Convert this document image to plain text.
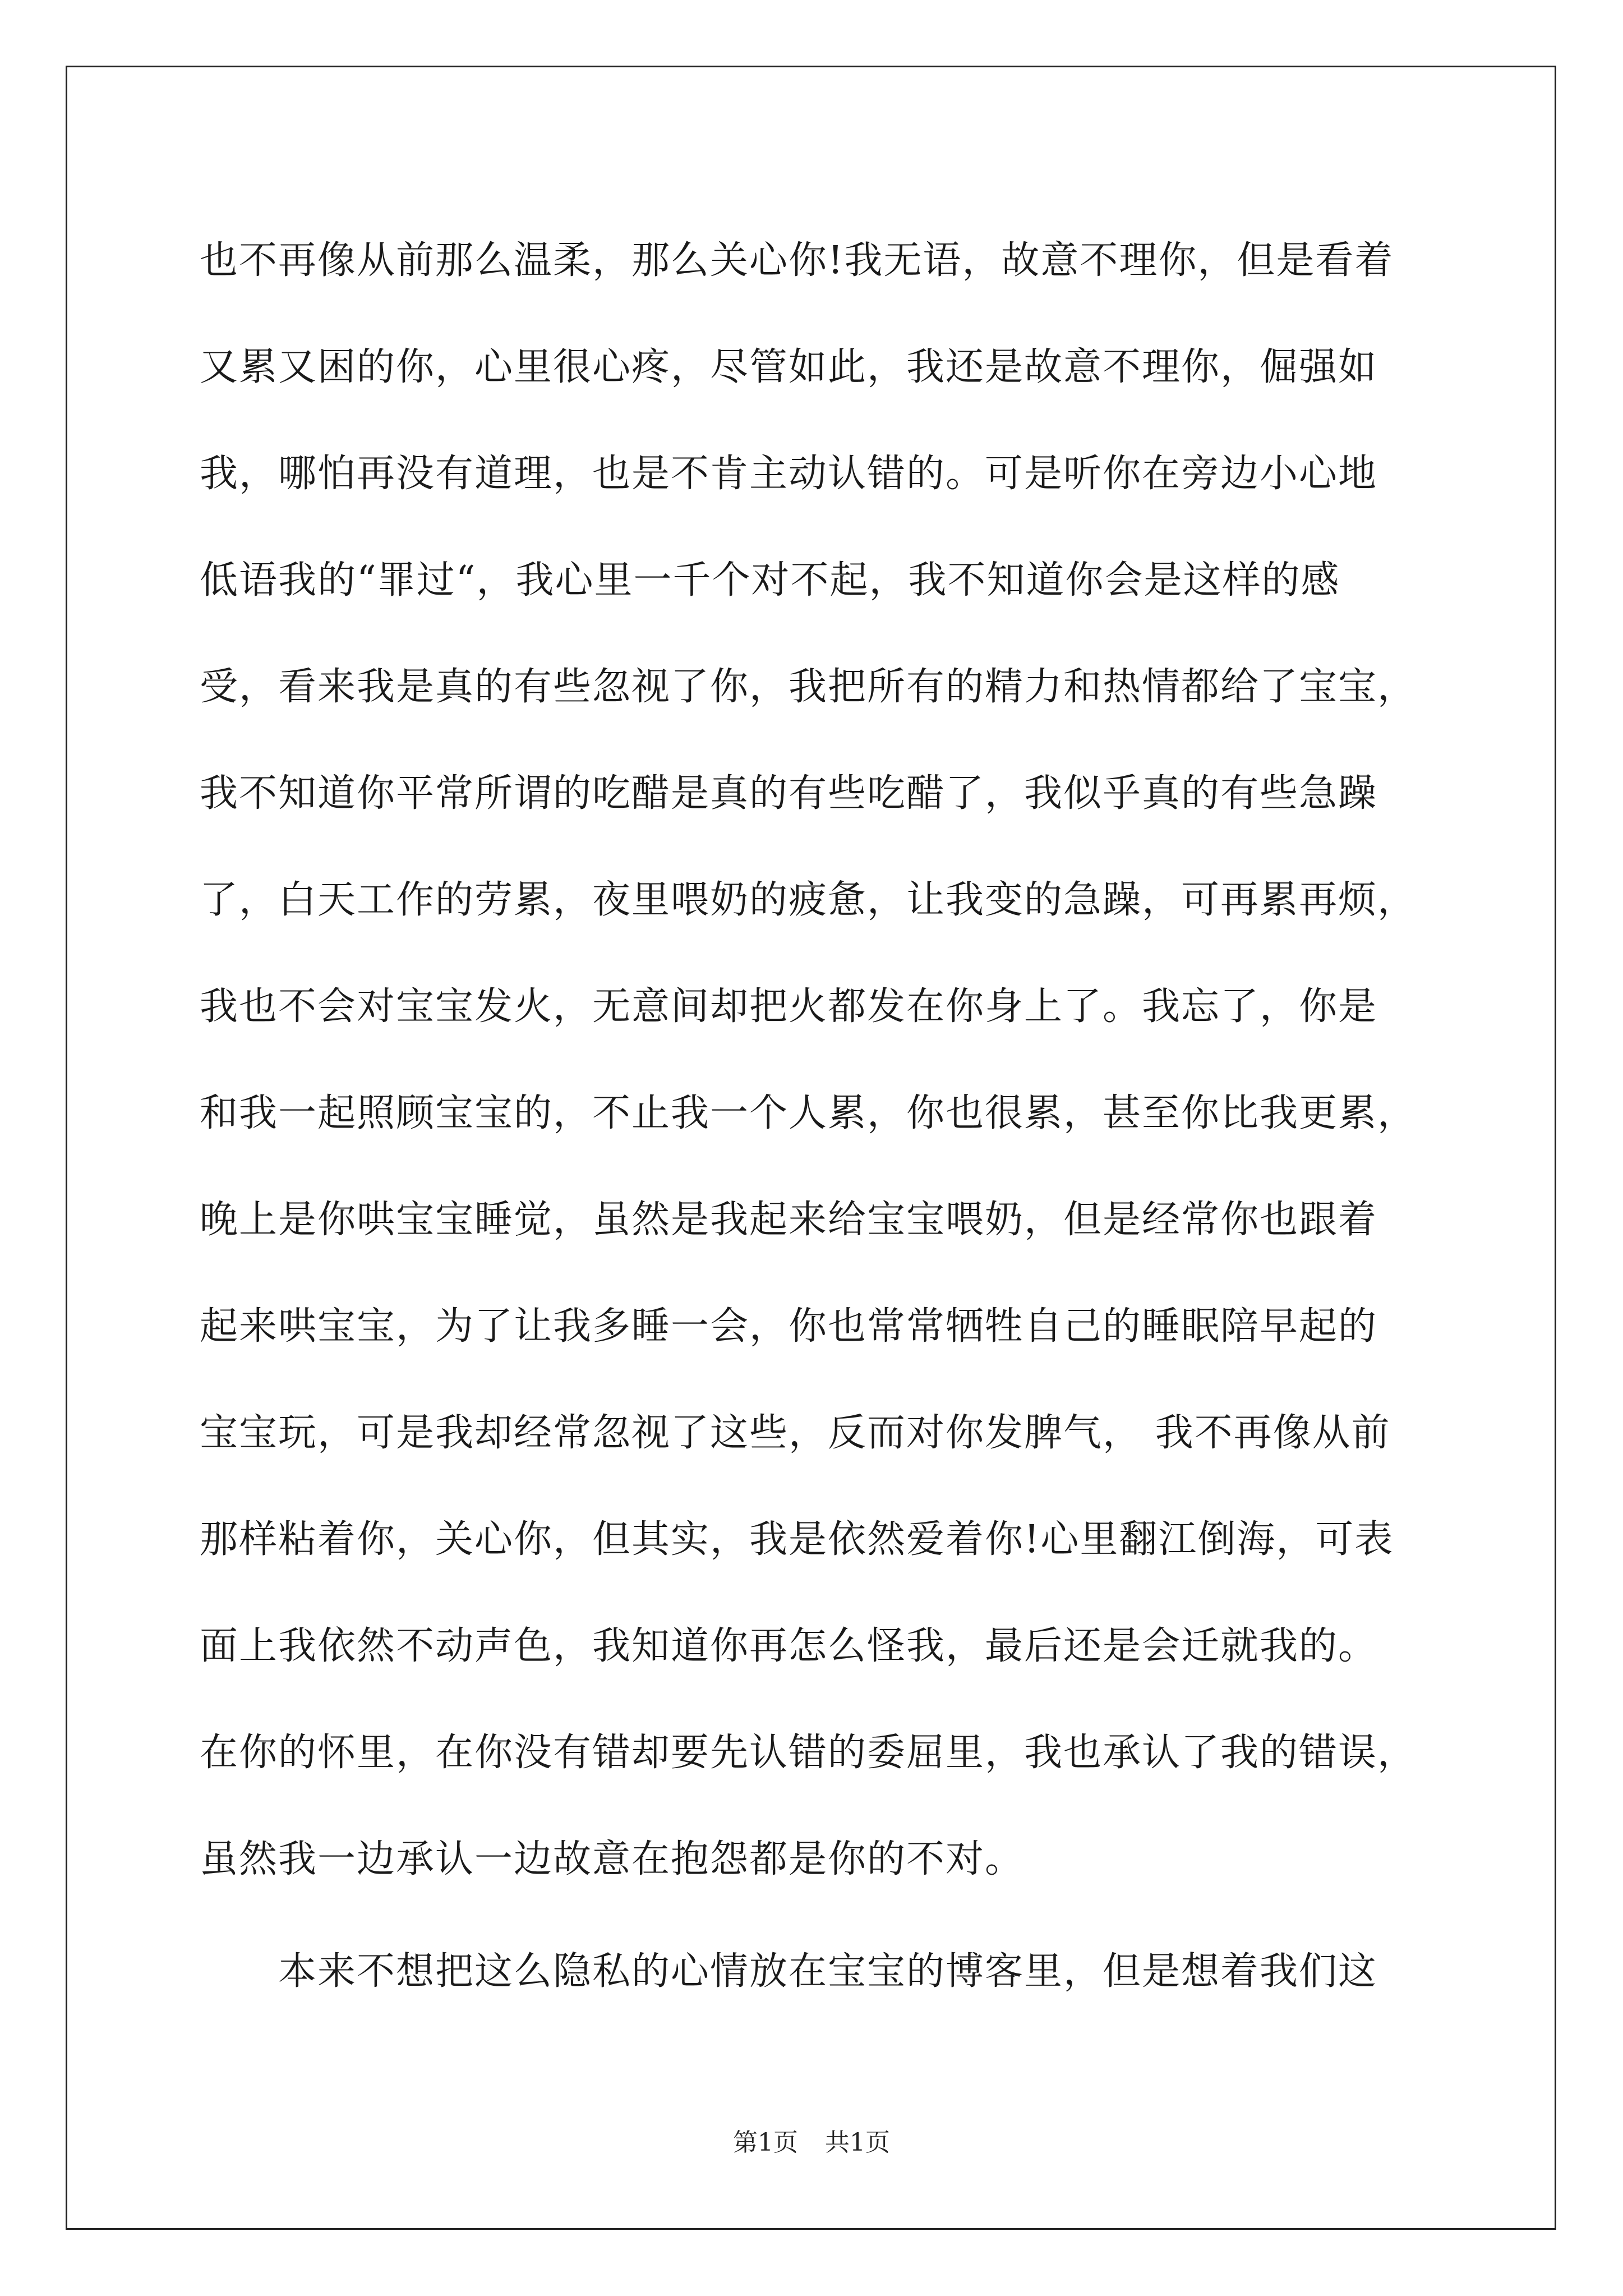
也不再像从前那么温柔，那么关心你!我无语，故意不理你，但是看着
又累又困的你，心里很心疼，尽管如此，我还是故意不理你，倔强如
我，哪怕再没有道理，也是不肯主动认错的。可是听你在旁边小心地
低语我的“罪过“，我心里一千个对不起，我不知道你会是这样的感
受，看来我是真的有些忽视了你，我把所有的精力和热情都给了宝宝，
我不知道你平常所谓的吃醋是真的有些吃醋了，我似乎真的有些急躁
了，白天工作的劳累，夜里喂奶的疲惫，让我变的急躁，可再累再烦，
我也不会对宝宝发火，无意间却把火都发在你身上了。我忘了，你是
和我一起照顾宝宝的，不止我一个人累，你也很累，甚至你比我更累，
晚上是你哄宝宝睡觉，虽然是我起来给宝宝喂奶，但是经常你也跟着
起来哄宝宝，为了让我多睡一会，你也常常牺牲自己的睡眠陪早起的
宝宝玩，可是我却经常忽视了这些，反而对你发脾气， 我不再像从前
那样粘着你，关心你，但其实，我是依然爱着你!心里翻江倒海，可表
面上我依然不动声色，我知道你再怎么怪我，最后还是会迁就我的。
在你的怀里，在你没有错却要先认错的委屈里，我也承认了我的错误，
虽然我一边承认一边故意在抱怨都是你的不对。
本来不想把这么隐私的心情放在宝宝的博客里，但是想着我们这
第1页 共1页
